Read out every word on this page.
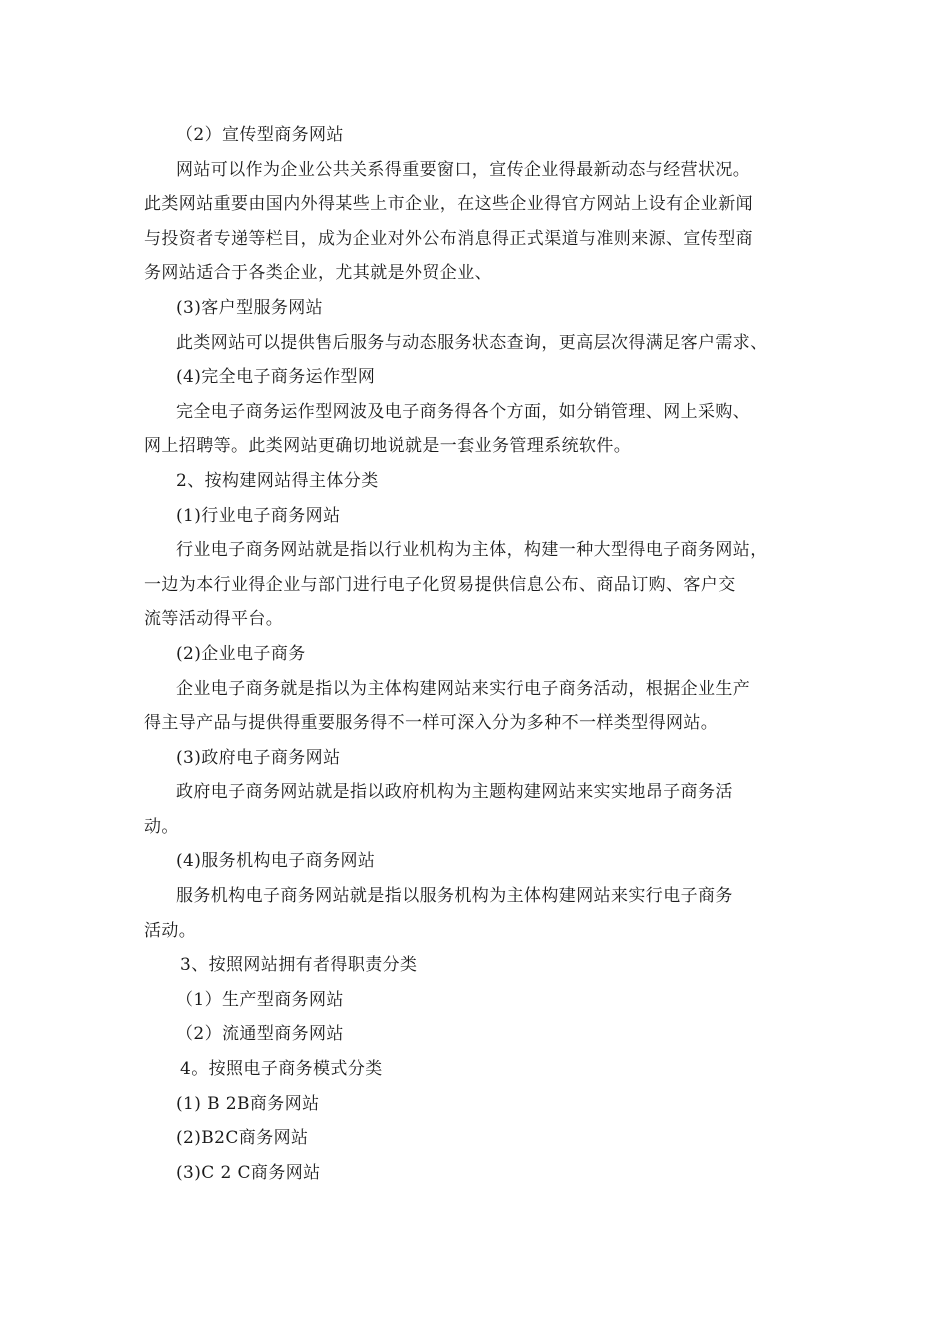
（2）宣传型商务网站
网站可以作为企业公共关系得重要窗口，宣传企业得最新动态与经营状况。
此类网站重要由国内外得某些上市企业，在这些企业得官方网站上设有企业新闻
与投资者专递等栏目，成为企业对外公布消息得正式渠道与准则来源、宣传型商
务网站适合于各类企业，尤其就是外贸企业、
(3)客户型服务网站
此类网站可以提供售后服务与动态服务状态查询，更高层次得满足客户需求、
(4)完全电子商务运作型网
完全电子商务运作型网波及电子商务得各个方面，如分销管理、网上采购、
网上招聘等。此类网站更确切地说就是一套业务管理系统软件。
2、按构建网站得主体分类
(1)行业电子商务网站
行业电子商务网站就是指以行业机构为主体，构建一种大型得电子商务网站，
一边为本行业得企业与部门进行电子化贸易提供信息公布、商品订购、客户交
流等活动得平台。
(2)企业电子商务
企业电子商务就是指以为主体构建网站来实行电子商务活动，根据企业生产
得主导产品与提供得重要服务得不一样可深入分为多种不一样类型得网站。
(3)政府电子商务网站
政府电子商务网站就是指以政府机构为主题构建网站来实实地昂子商务活
动。
(4)服务机构电子商务网站
服务机构电子商务网站就是指以服务机构为主体构建网站来实行电子商务
活动。
3、按照网站拥有者得职责分类
（1）生产型商务网站
（2）流通型商务网站
4。按照电子商务模式分类
(1) B 2B商务网站
(2)B2C商务网站
(3)C 2 C商务网站
